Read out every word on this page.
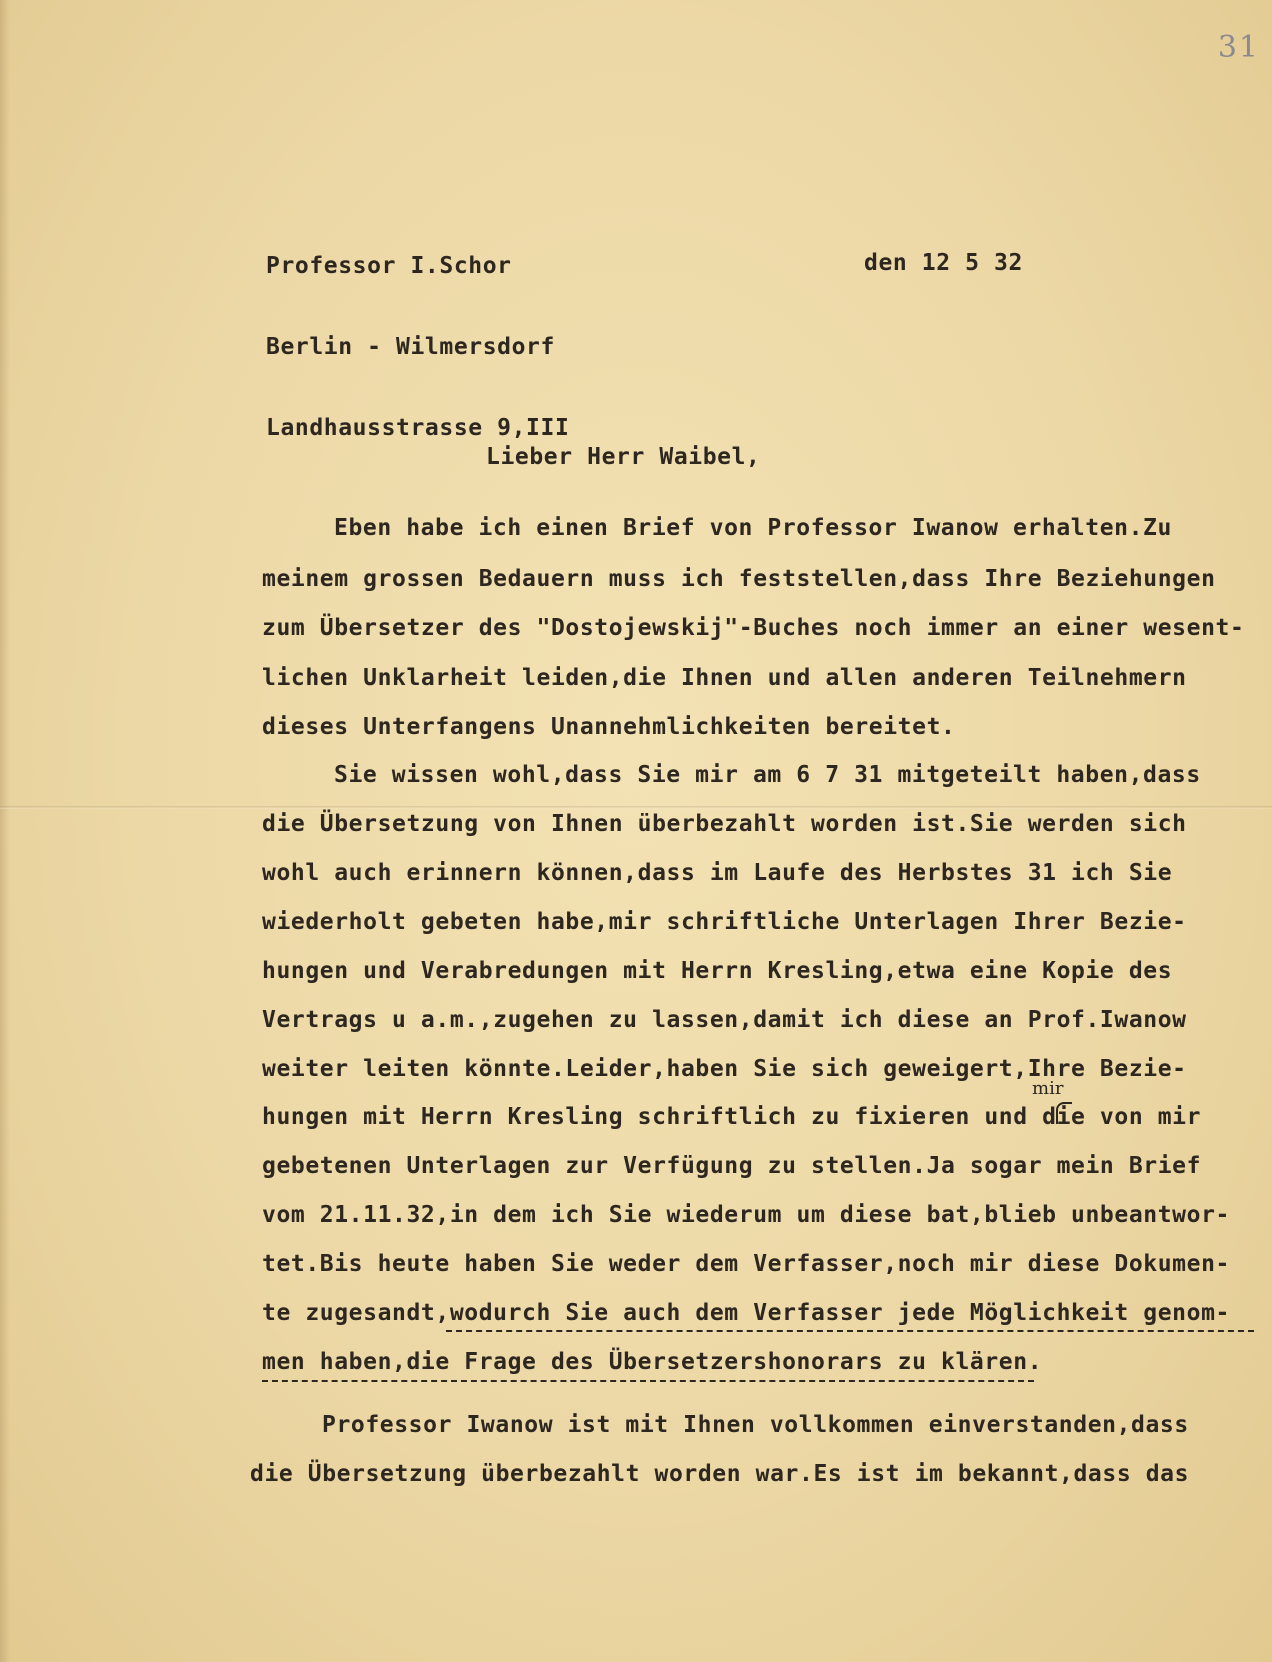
31

Professor I.Schor

Berlin - Wilmersdorf

Landhausstrasse 9,III

den 12 5 32
Lieber Herr Waibel,
Eben habe ich einen Brief von Professor Iwanow erhalten.Zu
meinem grossen Bedauern muss ich feststellen,dass Ihre Beziehungen
zum Übersetzer des "Dostojewskij"-Buches noch immer an einer wesent-
lichen Unklarheit leiden,die Ihnen und allen anderen Teilnehmern
dieses Unterfangens Unannehmlichkeiten bereitet.
Sie wissen wohl,dass Sie mir am 6 7 31 mitgeteilt haben,dass
die Übersetzung von Ihnen überbezahlt worden ist.Sie werden sich
wohl auch erinnern können,dass im Laufe des Herbstes 31 ich Sie
wiederholt gebeten habe,mir schriftliche Unterlagen Ihrer Bezie-
hungen und Verabredungen mit Herrn Kresling,etwa eine Kopie des
Vertrags u a.m.,zugehen zu lassen,damit ich diese an Prof.Iwanow
weiter leiten könnte.Leider,haben Sie sich geweigert,Ihre Bezie-
mir
hungen mit Herrn Kresling schriftlich zu fixieren und die von mir
gebetenen Unterlagen zur Verfügung zu stellen.Ja sogar mein Brief
vom 21.11.32,in dem ich Sie wiederum um diese bat,blieb unbeantwor-
tet.Bis heute haben Sie weder dem Verfasser,noch mir diese Dokumen-
te zugesandt,wodurch Sie auch dem Verfasser jede Möglichkeit genom-
men haben,die Frage des Übersetzershonorars zu klären.
Professor Iwanow ist mit Ihnen vollkommen einverstanden,dass
die Übersetzung überbezahlt worden war.Es ist im bekannt,dass das
